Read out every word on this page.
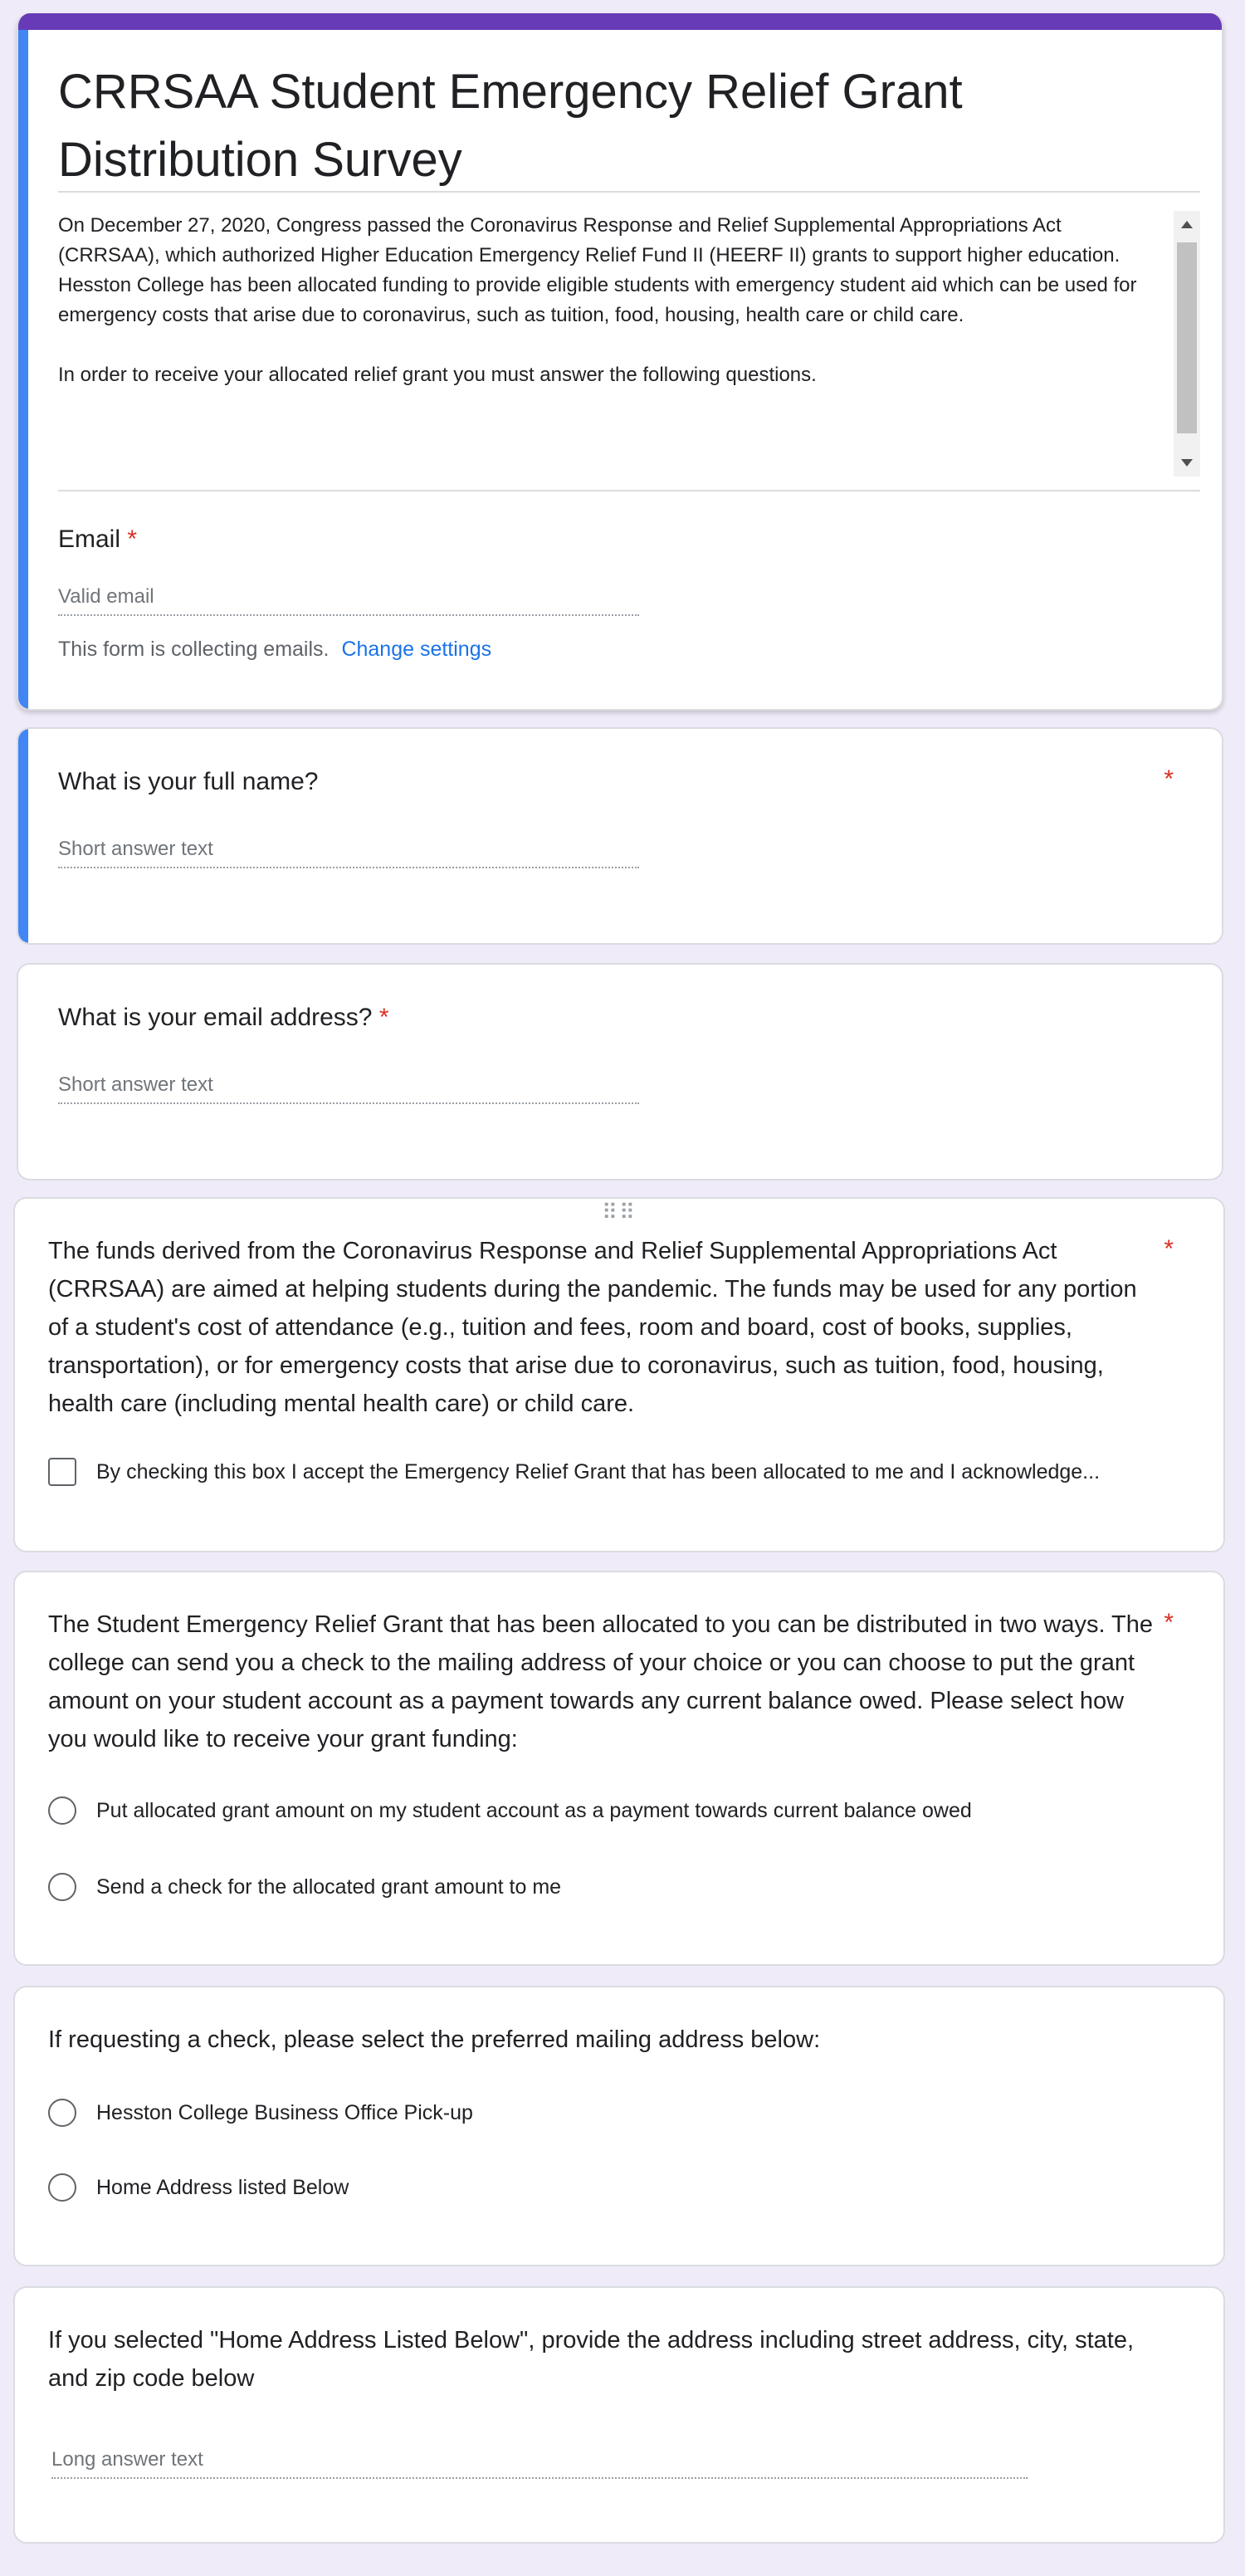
CRRSAA Student Emergency Relief Grant Distribution Survey

On December 27, 2020, Congress passed the Coronavirus Response and Relief Supplemental Appropriations Act (CRRSAA), which authorized Higher Education Emergency Relief Fund II (HEERF II) grants to support higher education. Hesston College has been allocated funding to provide eligible students with emergency student aid which can be used for emergency costs that arise due to coronavirus, such as tuition, food, housing, health care or child care.

In order to receive your allocated relief grant you must answer the following questions.

Email *
Valid email
This form is collecting emails. Change settings
What is your full name?	*
Short answer text
What is your email address? *
Short answer text
⠿⠿
The funds derived from the Coronavirus Response and Relief Supplemental Appropriations Act (CRRSAA) are aimed at helping students during the pandemic. The funds may be used for any portion of a student's cost of attendance (e.g., tuition and fees, room and board, cost of books, supplies, transportation), or for emergency costs that arise due to coronavirus, such as tuition, food, housing, health care (including mental health care) or child care.
*
By checking this box I accept the Emergency Relief Grant that has been allocated to me and I acknowledge...
The Student Emergency Relief Grant that has been allocated to you can be distributed in two ways. The college can send you a check to the mailing address of your choice or you can choose to put the grant amount on your student account as a payment towards any current balance owed. Please select how you would like to receive your grant funding:
*
Put allocated grant amount on my student account as a payment towards current balance owed
Send a check for the allocated grant amount to me
If requesting a check, please select the preferred mailing address below:
Hesston College Business Office Pick-up
Home Address listed Below
If you selected "Home Address Listed Below", provide the address including street address, city, state, and zip code below
Long answer text
